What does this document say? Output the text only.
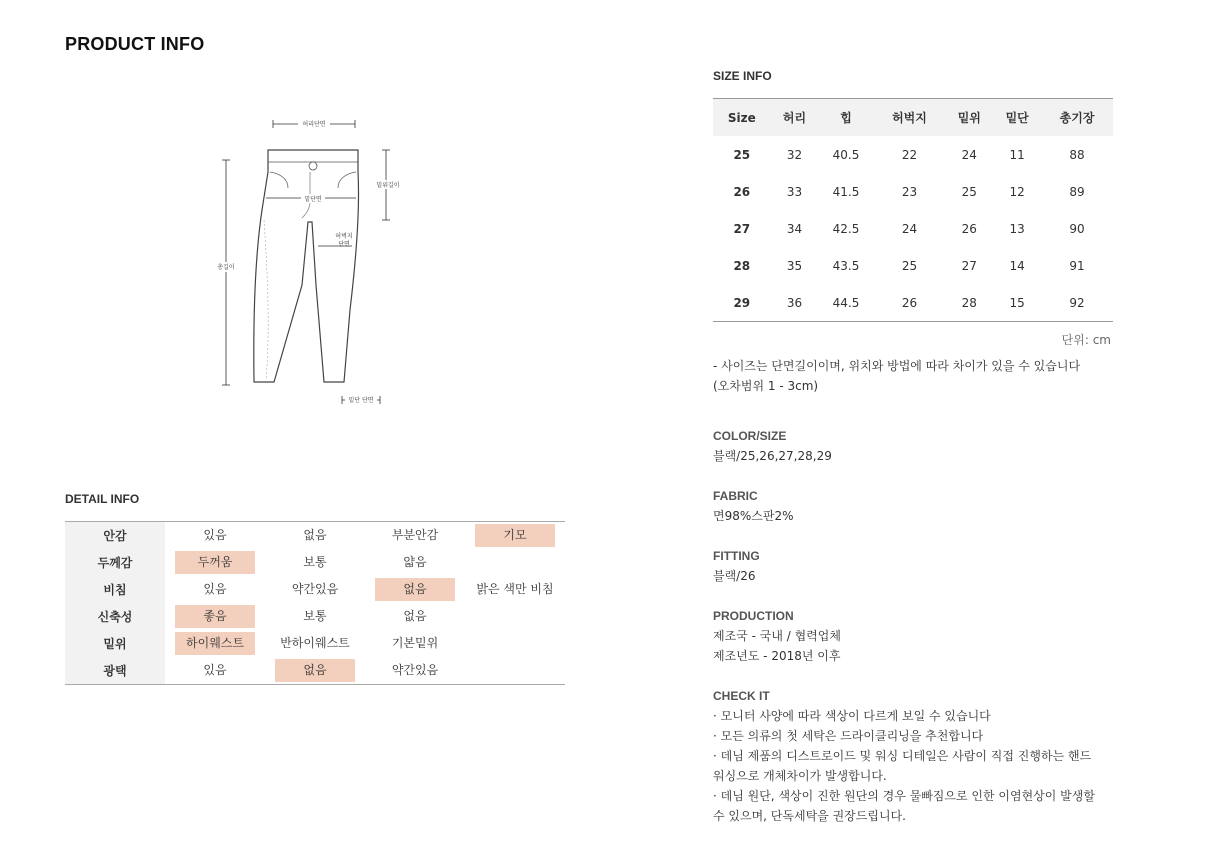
PRODUCT INFO
허리단면
밑위길이
밑단면
허벅지
단면
총길이
밑단 단면
DETAIL INFO
안감	있음	없음	부분안감	기모
두께감	두꺼움	보통	얇음	
비침	있음	약간있음	없음	밝은 색만 비침
신축성	좋음	보통	없음	
밑위	하이웨스트	반하이웨스트	기본밑위	
광택	있음	없음	약간있음	
SIZE INFO
Size	허리	힙	허벅지	밑위	밑단	총기장
25	32	40.5	22	24	11	88
26	33	41.5	23	25	12	89
27	34	42.5	24	26	13	90
28	35	43.5	25	27	14	91
29	36	44.5	26	28	15	92
단위: cm
- 사이즈는 단면길이이며, 위치와 방법에 따라 차이가 있을 수 있습니다
(오차범위 1 - 3cm)
COLOR/SIZE
블랙/25,26,27,28,29
FABRIC
면98%스판2%
FITTING
블랙/26
PRODUCTION
제조국 - 국내 / 협력업체
제조년도 - 2018년 이후
CHECK IT
· 모니터 사양에 따라 색상이 다르게 보일 수 있습니다
· 모든 의류의 첫 세탁은 드라이클리닝을 추천합니다
· 데님 제품의 디스트로이드 및 워싱 디테일은 사람이 직접 진행하는 핸드
워싱으로 개체차이가 발생합니다.
· 데님 원단, 색상이 진한 원단의 경우 물빠짐으로 인한 이염현상이 발생할
수 있으며, 단독세탁을 권장드립니다.
